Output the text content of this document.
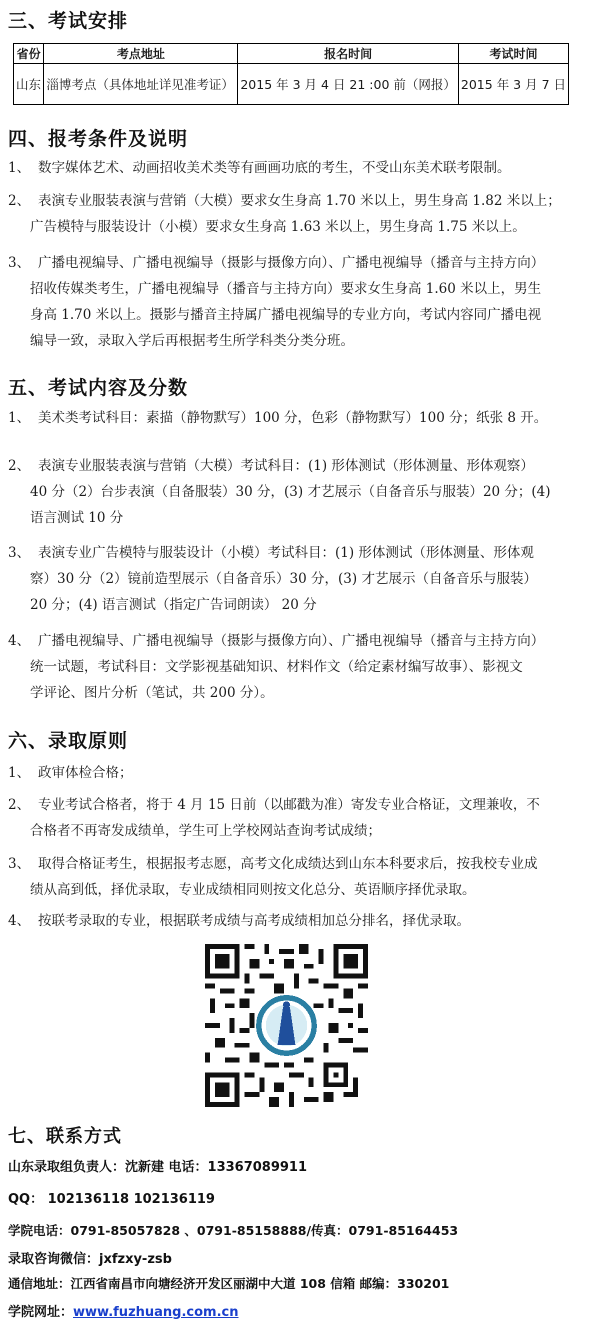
三、考试安排
省份	考点地址	报名时间	考试时间
山东	淄博考点（具体地址详见准考证）	2015 年 3 月 4 日 21 :00 前（网报）	2015 年 3 月 7 日
四、报考条件及说明
1、 数字媒体艺术、动画招收美术类等有画画功底的考生，不受山东美术联考限制。
2、 表演专业服装表演与营销（大模）要求女生身高 1.70 米以上，男生身高 1.82 米以上；
广告模特与服装设计（小模）要求女生身高 1.63 米以上，男生身高 1.75 米以上。
3、 广播电视编导、广播电视编导（摄影与摄像方向）、广播电视编导（播音与主持方向）
招收传媒类考生，广播电视编导（播音与主持方向）要求女生身高 1.60 米以上，男生
身高 1.70 米以上。摄影与播音主持属广播电视编导的专业方向，考试内容同广播电视
编导一致，录取入学后再根据考生所学科类分类分班。
五、考试内容及分数
1、 美术类考试科目：素描（静物默写）100 分，色彩（静物默写）100 分；纸张 8 开。
2、 表演专业服装表演与营销（大模）考试科目：(1) 形体测试（形体测量、形体观察）
40 分（2）台步表演（自备服装）30 分，(3) 才艺展示（自备音乐与服装）20 分；(4)
语言测试 10 分
3、 表演专业广告模特与服装设计（小模）考试科目：(1) 形体测试（形体测量、形体观
察）30 分（2）镜前造型展示（自备音乐）30 分，(3) 才艺展示（自备音乐与服装）
20 分；(4) 语言测试（指定广告词朗读） 20 分
4、 广播电视编导、广播电视编导（摄影与摄像方向）、广播电视编导（播音与主持方向）
统一试题，考试科目：文学影视基础知识、材料作文（给定素材编写故事）、影视文
学评论、图片分析（笔试，共 200 分）。
六、录取原则
1、 政审体检合格；
2、 专业考试合格者，将于 4 月 15 日前（以邮戳为准）寄发专业合格证，文理兼收，不
合格者不再寄发成绩单，学生可上学校网站查询考试成绩；
3、 取得合格证考生，根据报考志愿，高考文化成绩达到山东本科要求后，按我校专业成
绩从高到低，择优录取，专业成绩相同则按文化总分、英语顺序择优录取。
4、 按联考录取的专业，根据联考成绩与高考成绩相加总分排名，择优录取。
七、联系方式
山东录取组负责人：沈新建 电话：13367089911
QQ： 102136118 102136119
学院电话：0791-85057828 、0791-85158888/传真：0791-85164453
录取咨询微信：jxfzxy-zsb
通信地址：江西省南昌市向塘经济开发区丽湖中大道 108 信箱 邮编：330201
学院网址：www.fuzhuang.com.cn
